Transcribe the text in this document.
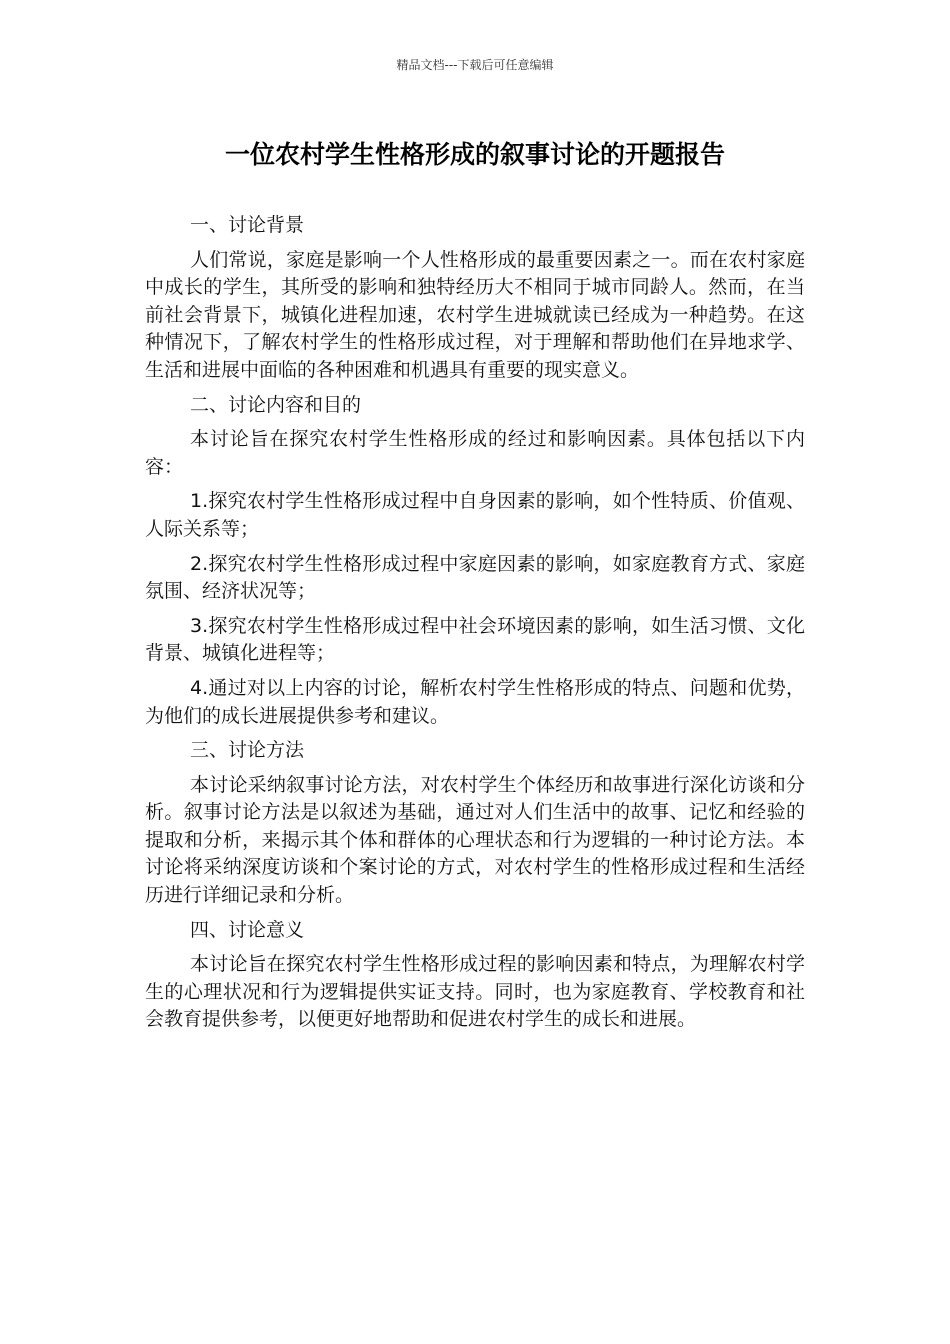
精品文档---下载后可任意编辑
一位农村学生性格形成的叙事讨论的开题报告

一、讨论背景

人们常说，家庭是影响一个人性格形成的最重要因素之一。而在农村家庭中成长的学生，其所受的影响和独特经历大不相同于城市同龄人。然而，在当前社会背景下，城镇化进程加速，农村学生进城就读已经成为一种趋势。在这种情况下，了解农村学生的性格形成过程，对于理解和帮助他们在异地求学、生活和进展中面临的各种困难和机遇具有重要的现实意义。

二、讨论内容和目的

本讨论旨在探究农村学生性格形成的经过和影响因素。具体包括以下内容：

1.探究农村学生性格形成过程中自身因素的影响，如个性特质、价值观、人际关系等；

2.探究农村学生性格形成过程中家庭因素的影响，如家庭教育方式、家庭氛围、经济状况等；

3.探究农村学生性格形成过程中社会环境因素的影响，如生活习惯、文化背景、城镇化进程等；

4.通过对以上内容的讨论，解析农村学生性格形成的特点、问题和优势，为他们的成长进展提供参考和建议。

三、讨论方法

本讨论采纳叙事讨论方法，对农村学生个体经历和故事进行深化访谈和分析。叙事讨论方法是以叙述为基础，通过对人们生活中的故事、记忆和经验的提取和分析，来揭示其个体和群体的心理状态和行为逻辑的一种讨论方法。本讨论将采纳深度访谈和个案讨论的方式，对农村学生的性格形成过程和生活经历进行详细记录和分析。

四、讨论意义

本讨论旨在探究农村学生性格形成过程的影响因素和特点，为理解农村学生的心理状况和行为逻辑提供实证支持。同时，也为家庭教育、学校教育和社会教育提供参考，以便更好地帮助和促进农村学生的成长和进展。
